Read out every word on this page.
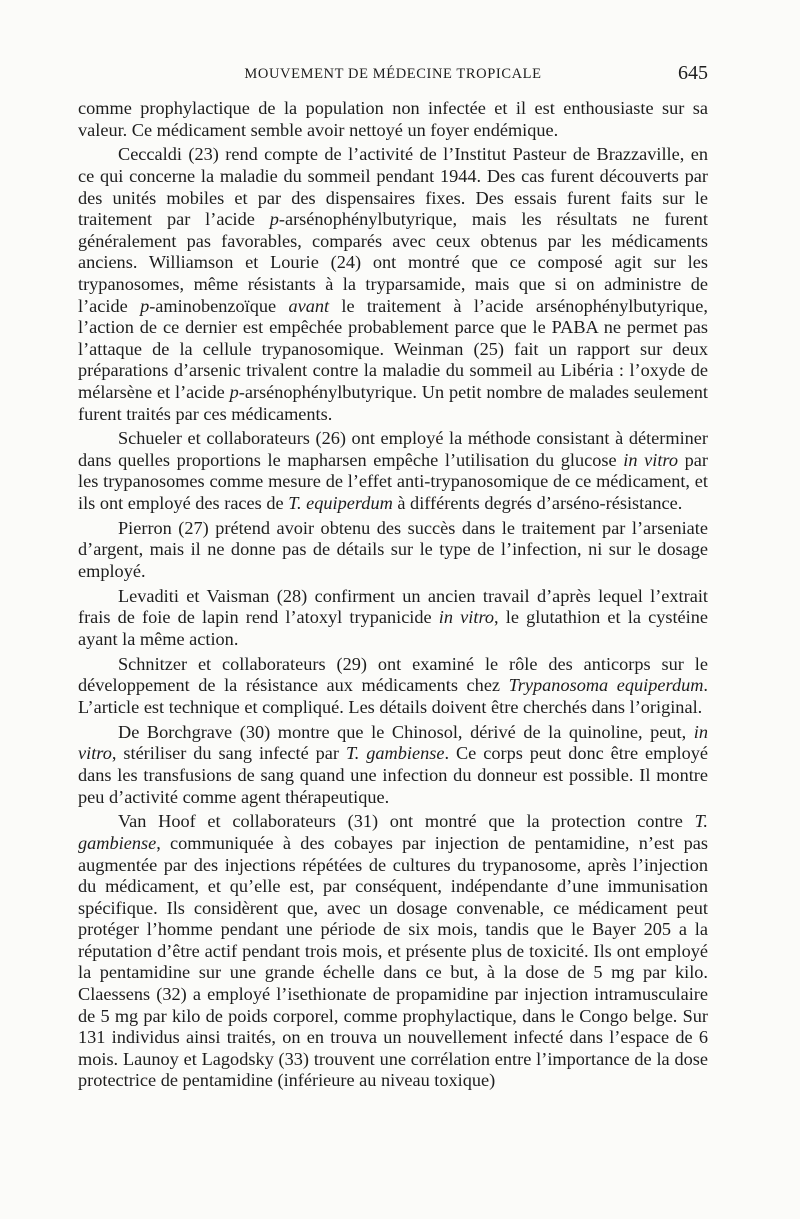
MOUVEMENT DE MÉDECINE TROPICALE	645

comme prophylactique de la population non infectée et il est enthousiaste sur sa valeur. Ce médicament semble avoir nettoyé un foyer endémique.

Ceccaldi (23) rend compte de l’activité de l’Institut Pasteur de Brazzaville, en ce qui concerne la maladie du sommeil pendant 1944. Des cas furent découverts par des unités mobiles et par des dispensaires fixes. Des essais furent faits sur le traitement par l’acide p-arsénophénylbutyrique, mais les résultats ne furent généralement pas favorables, comparés avec ceux obtenus par les médicaments anciens. Williamson et Lourie (24) ont montré que ce composé agit sur les trypanosomes, même résistants à la tryparsamide, mais que si on administre de l’acide p-aminobenzoïque avant le traitement à l’acide arsénophénylbutyrique, l’action de ce dernier est empêchée probablement parce que le PABA ne permet pas l’attaque de la cellule trypanosomique. Weinman (25) fait un rapport sur deux préparations d’arsenic trivalent contre la maladie du sommeil au Libéria : l’oxyde de mélarsène et l’acide p-arsénophénylbutyrique. Un petit nombre de malades seulement furent traités par ces médicaments.

Schueler et collaborateurs (26) ont employé la méthode consistant à déterminer dans quelles proportions le mapharsen empêche l’utilisation du glucose in vitro par les trypanosomes comme mesure de l’effet anti-trypanosomique de ce médicament, et ils ont employé des races de T. equiperdum à différents degrés d’arséno-résistance.

Pierron (27) prétend avoir obtenu des succès dans le traitement par l’arseniate d’argent, mais il ne donne pas de détails sur le type de l’infection, ni sur le dosage employé.

Levaditi et Vaisman (28) confirment un ancien travail d’après lequel l’extrait frais de foie de lapin rend l’atoxyl trypanicide in vitro, le glutathion et la cystéine ayant la même action.

Schnitzer et collaborateurs (29) ont examiné le rôle des anticorps sur le développement de la résistance aux médicaments chez Trypanosoma equiperdum. L’article est technique et compliqué. Les détails doivent être cherchés dans l’original.

De Borchgrave (30) montre que le Chinosol, dérivé de la quinoline, peut, in vitro, stériliser du sang infecté par T. gambiense. Ce corps peut donc être employé dans les transfusions de sang quand une infection du donneur est possible. Il montre peu d’activité comme agent thérapeutique.

Van Hoof et collaborateurs (31) ont montré que la protection contre T. gambiense, communiquée à des cobayes par injection de pentamidine, n’est pas augmentée par des injections répétées de cultures du trypanosome, après l’injection du médicament, et qu’elle est, par conséquent, indépendante d’une immunisation spécifique. Ils considèrent que, avec un dosage convenable, ce médicament peut protéger l’homme pendant une période de six mois, tandis que le Bayer 205 a la réputation d’être actif pendant trois mois, et présente plus de toxicité. Ils ont employé la pentamidine sur une grande échelle dans ce but, à la dose de 5 mg par kilo. Claessens (32) a employé l’isethionate de propamidine par injection intramusculaire de 5 mg par kilo de poids corporel, comme prophylactique, dans le Congo belge. Sur 131 individus ainsi traités, on en trouva un nouvellement infecté dans l’espace de 6 mois. Launoy et Lagodsky (33) trouvent une corrélation entre l’importance de la dose protectrice de pentamidine (inférieure au niveau toxique)
